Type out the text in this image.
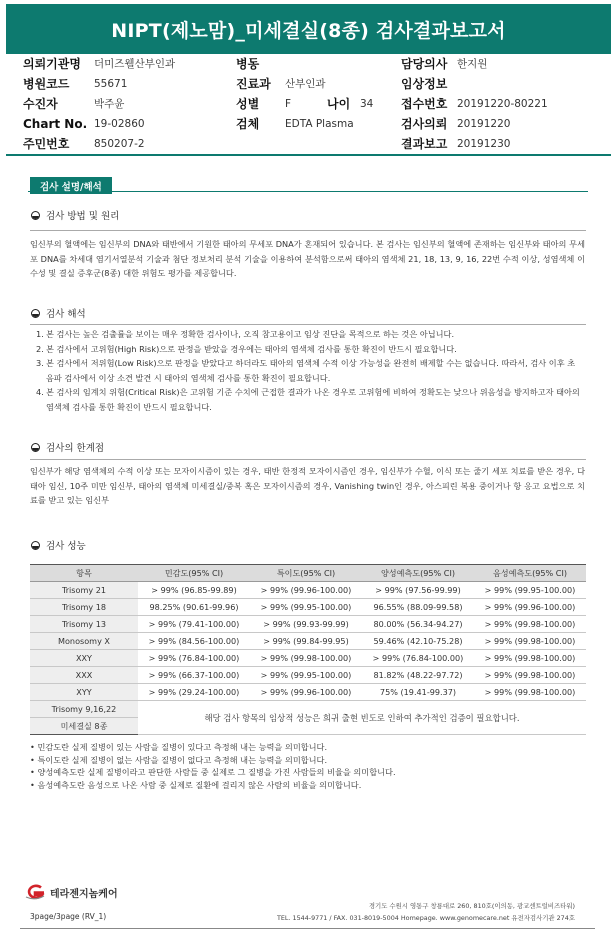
NIPT(제노맘)_미세결실(8종) 검사결과보고서
의뢰기관명	더미즈웰산부인과
병원코드	55671
수진자	박주윤
Chart No. 19-02860
주민번호	850207-2
병동
진료과	산부인과
성별	F	나이 34
검체	EDTA Plasma
담당의사 한지원
임상정보
접수번호 20191220-80221
검사의뢰 20191220
결과보고 20191230
검사 설명/해석
검사 방법 및 원리
임신부의 혈액에는 임신부의 DNA와 태반에서 기원한 태아의 무세포 DNA가 혼재되어 있습니다. 본 검사는 임신부의 혈액에 존재하는 임신부와 태아의 무세포 DNA를 차세대 염기서열분석 기술과 첨단 정보처리 분석 기술을 이용하여 분석함으로써 태아의 염색체 21, 18, 13, 9, 16, 22번 수적 이상, 성염색체 이수성 및 결실 증후군(8종) 대한 위험도 평가를 제공합니다.
검사 해석
1. 본 검사는 높은 검출률을 보이는 매우 정확한 검사이나, 오직 참고용이고 임상 진단을 목적으로 하는 것은 아닙니다.
2. 본 검사에서 고위험(High Risk)으로 판정을 받았을 경우에는 태아의 염색체 검사를 통한 확진이 반드시 필요합니다.
3. 본 검사에서 저위험(Low Risk)으로 판정을 받았다고 하더라도 태아의 염색체 수적 이상 가능성을 완전히 배제할 수는 없습니다. 따라서, 검사 이후 초음파 검사에서 이상 소견 발견 시 태아의 염색체 검사를 통한 확진이 필요합니다.
4. 본 검사의 임계치 위험(Critical Risk)은 고위험 기준 수치에 근접한 결과가 나온 경우로 고위험에 비하여 정확도는 낮으나 위음성을 방지하고자 태아의 염색체 검사를 통한 확진이 반드시 필요합니다.
검사의 한계점
임신부가 해당 염색체의 수적 이상 또는 모자이시즘이 있는 경우, 태반 한정적 모자이시즘인 경우, 임신부가 수혈, 이식 또는 줄기 세포 치료를 받은 경우, 다태아 임신, 10주 미만 임신부, 태아의 염색체 미세결실/중복 혹은 모자이시즘의 경우, Vanishing twin인 경우, 아스피린 복용 중이거나 항 응고 요법으로 치료를 받고 있는 임신부
검사 성능
항목	민감도(95% CI)	특이도(95% CI)	양성예측도(95% CI)	음성예측도(95% CI)
Trisomy 21	> 99% (96.85-99.89)	> 99% (99.96-100.00)	> 99% (97.56-99.99)	> 99% (99.95-100.00)
Trisomy 18	98.25% (90.61-99.96)	> 99% (99.95-100.00)	96.55% (88.09-99.58)	> 99% (99.96-100.00)
Trisomy 13	> 99% (79.41-100.00)	> 99% (99.93-99.99)	80.00% (56.34-94.27)	> 99% (99.98-100.00)
Monosomy X	> 99% (84.56-100.00)	> 99% (99.84-99.95)	59.46% (42.10-75.28)	> 99% (99.98-100.00)
XXY	> 99% (76.84-100.00)	> 99% (99.98-100.00)	> 99% (76.84-100.00)	> 99% (99.98-100.00)
XXX	> 99% (66.37-100.00)	> 99% (99.95-100.00)	81.82% (48.22-97.72)	> 99% (99.98-100.00)
XYY	> 99% (29.24-100.00)	> 99% (99.96-100.00)	75% (19.41-99.37)	> 99% (99.98-100.00)
Trisomy 9,16,22	해당 검사 항목의 임상적 성능은 희귀 출현 빈도로 인하여 추가적인 검증이 필요합니다.			
미세결실 8종				
• 민감도란 실제 질병이 있는 사람을 질병이 있다고 측정해 내는 능력을 의미합니다.
• 특이도란 실제 질병이 없는 사람을 질병이 없다고 측정해 내는 능력을 의미합니다.
• 양성예측도란 실제 질병이라고 판단한 사람들 중 실제로 그 질병을 가진 사람들의 비율을 의미합니다.
• 음성예측도란 음성으로 나온 사람 중 실제로 질환에 걸리지 않은 사람의 비율을 의미합니다.
테라젠지놈케어
3page/3page (RV_1)
경기도 수원시 영통구 창룡대로 260, 810호(이의동, 광교센트럴비즈타워)
TEL. 1544-9771 / FAX. 031-8019-5004 Homepage. www.genomecare.net 유전자검사기관 274호
